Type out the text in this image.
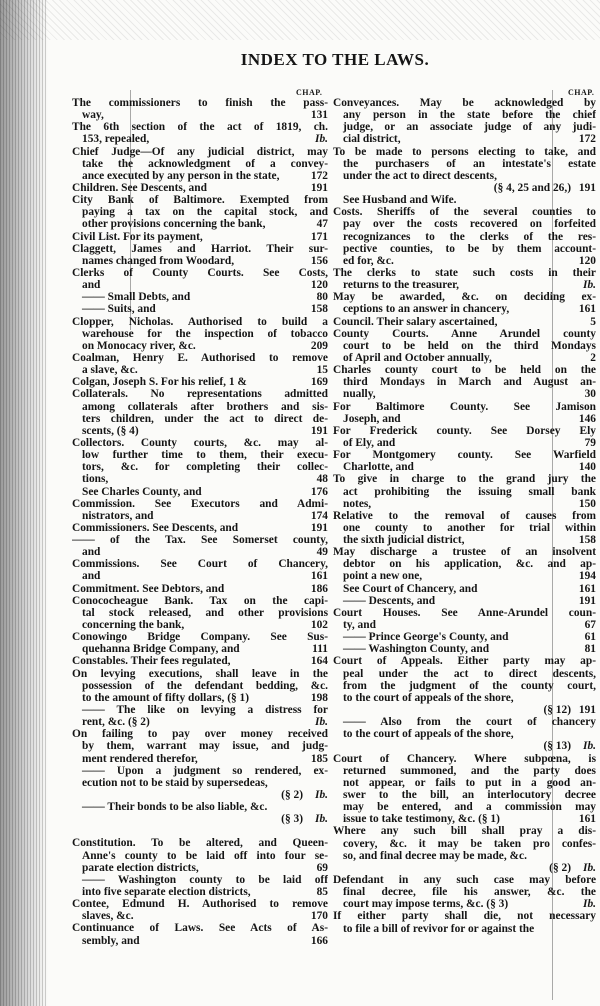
INDEX TO THE LAWS.
CHAP.	CHAP.
The commissioners to finish the pass-
way,	131
The 6th section of the act of 1819, ch.
153, repealed,	Ib.
Chief Judge—Of any judicial district, may
take the acknowledgment of a convey-
ance executed by any person in the state,	172
Children. See Descents, and	191
City Bank of Baltimore. Exempted from
paying a tax on the capital stock, and
other provisions concerning the bank,	47
Civil List. For its payment,	171
Claggett, James and Harriot. Their sur-
names changed from Woodard,	156
Clerks of County Courts. See Costs,
and	120
—— Small Debts, and	80
—— Suits, and	158
Clopper, Nicholas. Authorised to build a
warehouse for the inspection of tobacco
on Monocacy river, &c.	209
Coalman, Henry E. Authorised to remove
a slave, &c.	15
Colgan, Joseph S. For his relief, 1 &	169
Collaterals. No representations admitted
among collaterals after brothers and sis-
ters children, under the act to direct de-
scents, (§ 4)	191
Collectors. County courts, &c. may al-
low further time to them, their execu-
tors, &c. for completing their collec-
tions,	48
See Charles County, and	176
Commission. See Executors and Admi-
nistrators, and	174
Commissioners. See Descents, and	191
—— of the Tax. See Somerset county,
and	49
Commissions. See Court of Chancery,
and	161
Commitment. See Debtors, and	186
Conococheague Bank. Tax on the capi-
tal stock released, and other provisions
concerning the bank,	102
Conowingo Bridge Company. See Sus-
quehanna Bridge Company, and	111
Constables. Their fees regulated,	164
On levying executions, shall leave in the
possession of the defendant bedding, &c.
to the amount of fifty dollars, (§ 1)	198
—— The like on levying a distress for
rent, &c. (§ 2)	Ib.
On failing to pay over money received
by them, warrant may issue, and judg-
ment rendered therefor,	185
—— Upon a judgment so rendered, ex-
ecution not to be staid by supersedeas,
(§ 2)	Ib.
—— Their bonds to be also liable, &c.
(§ 3)	Ib.
Constitution. To be altered, and Queen-
Anne's county to be laid off into four se-
parate election districts,	69
—— Washington county to be laid off
into five separate election districts,	85
Contee, Edmund H. Authorised to remove
slaves, &c.	170
Continuance of Laws. See Acts of As-
sembly, and	166
Conveyances. May be acknowledged by
any person in the state before the chief
judge, or an associate judge of any judi-
cial district,	172
To be made to persons electing to take, and
the purchasers of an intestate's estate
under the act to direct descents,
(§ 4, 25 and 26,) 191
See Husband and Wife.
Costs. Sheriffs of the several counties to
pay over the costs recovered on forfeited
recognizances to the clerks of the res-
pective counties, to be by them account-
ed for, &c.	120
The clerks to state such costs in their
returns to the treasurer,	Ib.
May be awarded, &c. on deciding ex-
ceptions to an answer in chancery,	161
Council. Their salary ascertained,	5
County Courts. Anne Arundel county
court to be held on the third Mondays
of April and October annually,	2
Charles county court to be held on the
third Mondays in March and August an-
nually,	30
For Baltimore County. See Jamison
Joseph, and	146
For Frederick county. See Dorsey Ely
of Ely, and	79
For Montgomery county. See Warfield
Charlotte, and	140
To give in charge to the grand jury the
act prohibiting the issuing small bank
notes,	150
Relative to the removal of causes from
one county to another for trial within
the sixth judicial district,	158
May discharge a trustee of an insolvent
debtor on his application, &c. and ap-
point a new one,	194
See Court of Chancery, and	161
—— Descents, and	191
Court Houses. See Anne-Arundel coun-
ty, and	67
—— Prince George's County, and	61
—— Washington County, and	81
Court of Appeals. Either party may ap-
peal under the act to direct descents,
from the judgment of the county court,
to the court of appeals of the shore,
(§ 12) 191
—— Also from the court of chancery
to the court of appeals of the shore,
(§ 13)	Ib.
Court of Chancery. Where subpœna, is
returned summoned, and the party does
not appear, or fails to put in a good an-
swer to the bill, an interlocutory decree
may be entered, and a commission may
issue to take testimony, &c. (§ 1)	161
Where any such bill shall pray a dis-
covery, &c. it may be taken pro confes-
so, and final decree may be made, &c.
(§ 2)	Ib.
Defendant in any such case may before
final decree, file his answer, &c. the
court may impose terms, &c. (§ 3)	Ib.
If either party shall die, not necessary
to file a bill of revivor for or against the
